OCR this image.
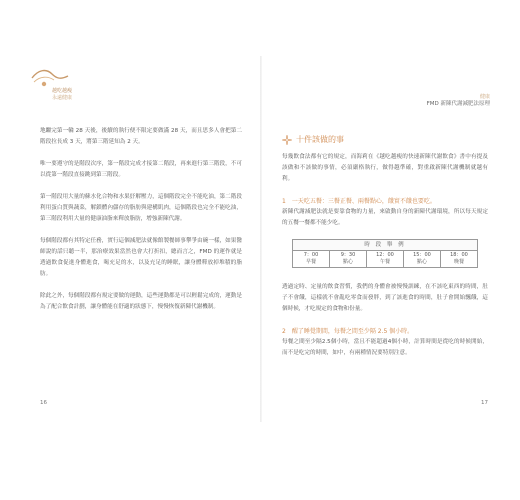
越吃越瘦
永遠健康

地繼完第一輪 28 天後，後續的執行便不限定要做滿 28 天，而且思多人會把第二階段拉長成 3 天，將第三階延知為 2 天。

唯一要遵守的是階段次序，第一階段完成才接第二階段，再來進行第三階段，不可以從第一階段直接跳到第三階段。

第一階段用大量的蘇水化合物和水果紓解壓力，這個階段完全不能吃油，第二階段利用蛋白質與蔬菜，解鎖體內儲存的脂肪與建構肌肉，這個階段也完全不能吃油，第三階段利用大量的健康油脂來釋放脂肪，增強新陳代謝。

每個階段都有其特定任務，實行這個減肥法就像館製餐師事攀爭由碗一樣，如果醫師說的話只聽一半，那治療效果當然也會大打折扣，總而言之，FMD 的運作就是透過飲食促進身體進食，喝充足的水，以及充足的睡眠，讓身體釋放掉堆積的脂肪。

除此之外，每個階段都有規定要做的運動，這些運動都是可以輕鬆完成的，運動是為了配合飲食計劃，讓身體能在舒適的狀態下，慢慢恢復新陳代謝機制。

16
健康
FMD 新陳代謝減肥法原理
十件該做的事

每幾飲食法都有它的規定，而海莉在《越吃越瘦的快速新陳代謝飲食》書中有提及該做和不該做的事情，必須嚴格執行，做得越準確，對重啟新陳代謝機制就越有利。

1　一天吃五餐：三餐正餐、兩餐點心，餓實不餓也要吃。

新陳代謝減肥法就是要靠食物的力量，來啟動自身的新陳代謝環境，所以每天規定的五餐一餐都不能少吃。

時 段 舉 例
7：00
早餐
9：30
點心
12：00
午餐
15：00
點心
18：00
晚餐

透過定時、定量的飲食習慣，我們的身體會被慢慢訓練，在不該吃東西的時間，肚子不會餓，這樣就不會亂吃零食而發胖，到了該進食的時間，肚子會開始飄餓，這個時候，才吃規定的食物和份量。

2　醒了睡覺期間，每餐之間至少隔 2.5 個小時。

每餐之間至少隔2.5個小時，當且不能超過4個小時，計算時間是從吃的時候開始，而不是吃完的時間，如中，有兩種情況要特別注意。

17
